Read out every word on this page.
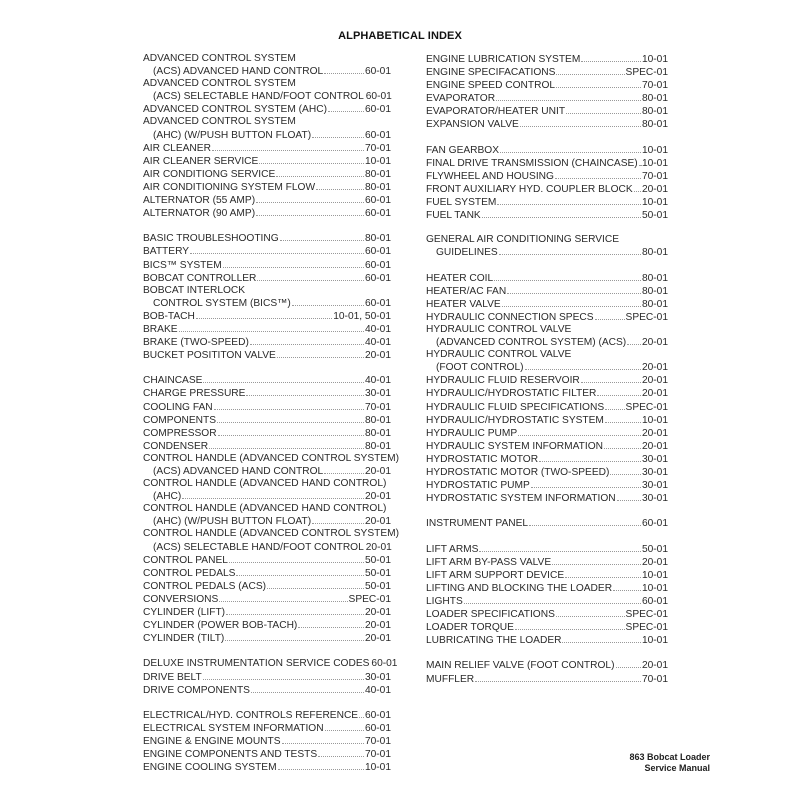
ALPHABETICAL INDEX
ADVANCED CONTROL SYSTEM
(ACS) ADVANCED HAND CONTROL	60-01
ADVANCED CONTROL SYSTEM
(ACS) SELECTABLE HAND/FOOT CONTROL 60-01
ADVANCED CONTROL SYSTEM (AHC)	60-01
ADVANCED CONTROL SYSTEM
(AHC) (W/PUSH BUTTON FLOAT)	60-01
AIR CLEANER	70-01
AIR CLEANER SERVICE	10-01
AIR CONDITIONG SERVICE	80-01
AIR CONDITIONING SYSTEM FLOW	80-01
ALTERNATOR (55 AMP)	60-01
ALTERNATOR (90 AMP)	60-01
BASIC TROUBLESHOOTING	80-01
BATTERY	60-01
BICS™ SYSTEM	60-01
BOBCAT CONTROLLER	60-01
BOBCAT INTERLOCK
CONTROL SYSTEM (BICS™)	60-01
BOB-TACH	10-01, 50-01
BRAKE	40-01
BRAKE (TWO-SPEED)	40-01
BUCKET POSITITON VALVE	20-01
CHAINCASE	40-01
CHARGE PRESSURE	30-01
COOLING FAN	70-01
COMPONENTS	80-01
COMPRESSOR	80-01
CONDENSER	80-01
CONTROL HANDLE (ADVANCED CONTROL SYSTEM)
(ACS) ADVANCED HAND CONTROL	20-01
CONTROL HANDLE (ADVANCED HAND CONTROL)
(AHC)	20-01
CONTROL HANDLE (ADVANCED HAND CONTROL)
(AHC) (W/PUSH BUTTON FLOAT)	20-01
CONTROL HANDLE (ADVANCED CONTROL SYSTEM)
(ACS) SELECTABLE HAND/FOOT CONTROL 20-01
CONTROL PANEL	50-01
CONTROL PEDALS	50-01
CONTROL PEDALS (ACS)	50-01
CONVERSIONS	SPEC-01
CYLINDER (LIFT)	20-01
CYLINDER (POWER BOB-TACH)	20-01
CYLINDER (TILT)	20-01
DELUXE INSTRUMENTATION SERVICE CODES 60-01
DRIVE BELT	30-01
DRIVE COMPONENTS	40-01
ELECTRICAL/HYD. CONTROLS REFERENCE 60-01
ELECTRICAL SYSTEM INFORMATION	60-01
ENGINE & ENGINE MOUNTS	70-01
ENGINE COMPONENTS AND TESTS	70-01
ENGINE COOLING SYSTEM	10-01
ENGINE LUBRICATION SYSTEM	10-01
ENGINE SPECIFACATIONS	SPEC-01
ENGINE SPEED CONTROL	70-01
EVAPORATOR	80-01
EVAPORATOR/HEATER UNIT	80-01
EXPANSION VALVE	80-01
FAN GEARBOX	10-01
FINAL DRIVE TRANSMISSION (CHAINCASE) 10-01
FLYWHEEL AND HOUSING	70-01
FRONT AUXILIARY HYD. COUPLER BLOCK 20-01
FUEL SYSTEM	10-01
FUEL TANK	50-01
GENERAL AIR CONDITIONING SERVICE
GUIDELINES	80-01
HEATER COIL	80-01
HEATER/AC FAN	80-01
HEATER VALVE	80-01
HYDRAULIC CONNECTION SPECS	SPEC-01
HYDRAULIC CONTROL VALVE
(ADVANCED CONTROL SYSTEM) (ACS) 20-01
HYDRAULIC CONTROL VALVE
(FOOT CONTROL)	20-01
HYDRAULIC FLUID RESERVOIR	20-01
HYDRAULIC/HYDROSTATIC FILTER	20-01
HYDRAULIC FLUID SPECIFICATIONS SPEC-01
HYDRAULIC/HYDROSTATIC SYSTEM	10-01
HYDRAULIC PUMP	20-01
HYDRAULIC SYSTEM INFORMATION	20-01
HYDROSTATIC MOTOR	30-01
HYDROSTATIC MOTOR (TWO-SPEED)	30-01
HYDROSTATIC PUMP	30-01
HYDROSTATIC SYSTEM INFORMATION	30-01
INSTRUMENT PANEL	60-01
LIFT ARMS	50-01
LIFT ARM BY-PASS VALVE	20-01
LIFT ARM SUPPORT DEVICE	10-01
LIFTING AND BLOCKING THE LOADER	10-01
LIGHTS	60-01
LOADER SPECIFICATIONS	SPEC-01
LOADER TORQUE	SPEC-01
LUBRICATING THE LOADER	10-01
MAIN RELIEF VALVE (FOOT CONTROL)	20-01
MUFFLER	70-01
863 Bobcat Loader
Service Manual
